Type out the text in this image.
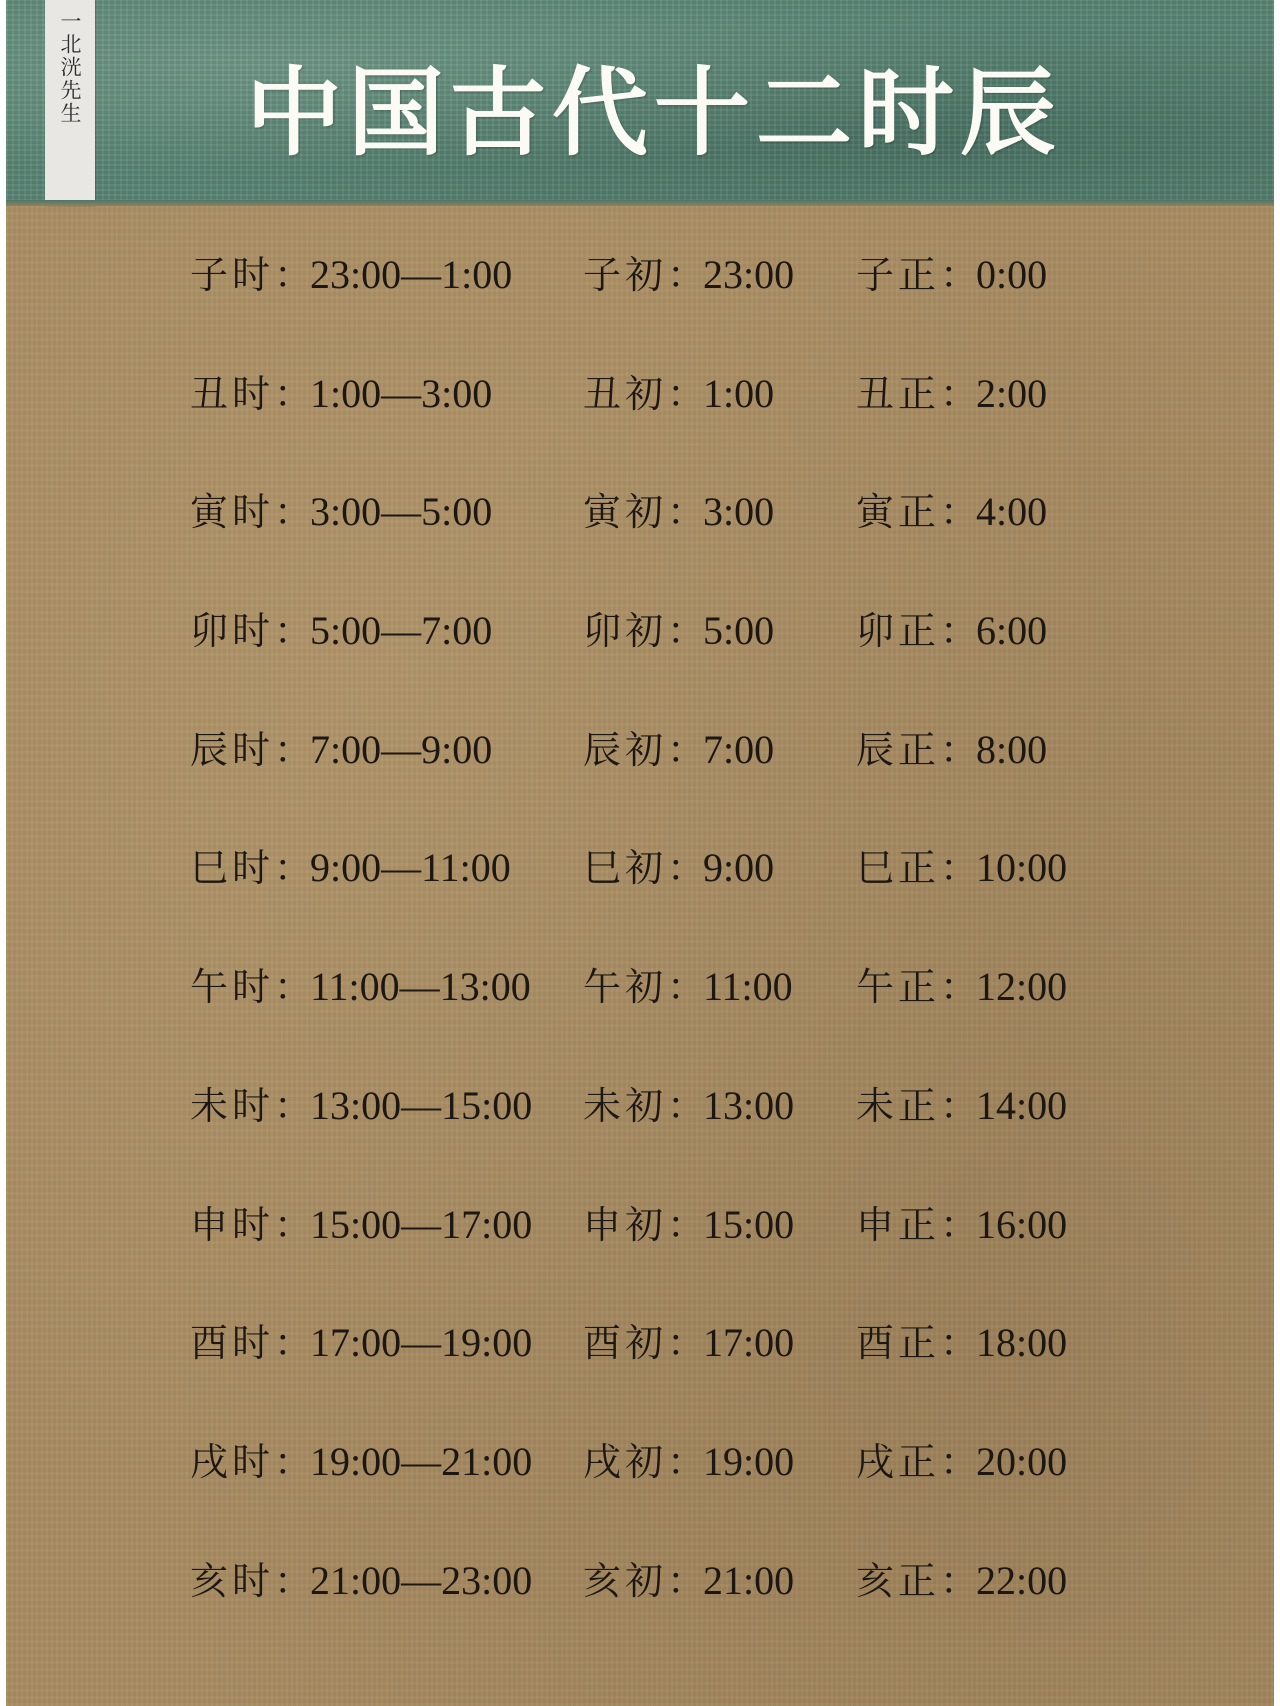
一北洸先生 中国古代十二时辰
子时：23:00—1:00 子初：23:00 子正：0:00
丑时：1:00—3:00 丑初：1:00 丑正：2:00
寅时：3:00—5:00 寅初：3:00 寅正：4:00
卯时：5:00—7:00 卯初：5:00 卯正：6:00
辰时：7:00—9:00 辰初：7:00 辰正：8:00
巳时：9:00—11:00 巳初：9:00 巳正：10:00
午时：11:00—13:00 午初：11:00 午正：12:00
未时：13:00—15:00 未初：13:00 未正：14:00
申时：15:00—17:00 申初：15:00 申正：16:00
酉时：17:00—19:00 酉初：17:00 酉正：18:00
戌时：19:00—21:00 戌初：19:00 戌正：20:00
亥时：21:00—23:00 亥初：21:00 亥正：22:00
